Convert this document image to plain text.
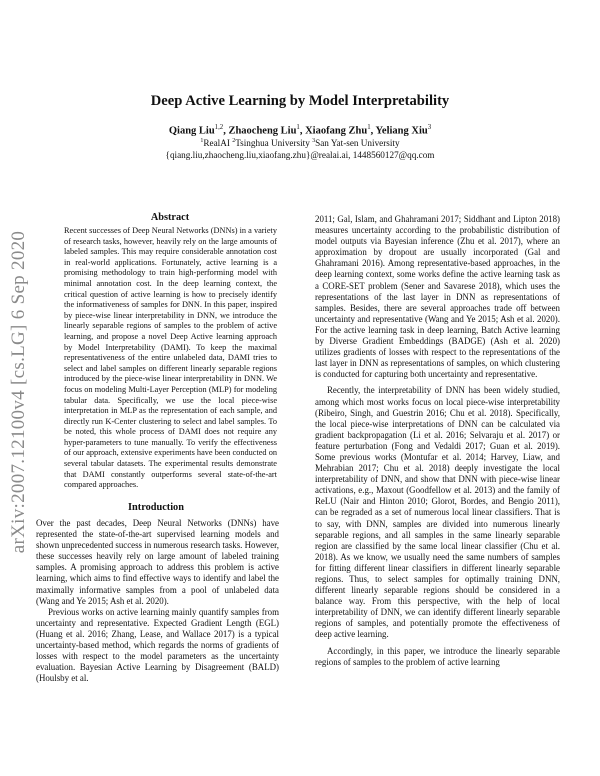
arXiv:2007.12100v4 [cs.LG] 6 Sep 2020
Deep Active Learning by Model Interpretability
Qiang Liu$^{1,2}$, Zhaocheng Liu$^1$, Xiaofang Zhu$^1$, Yeliang Xiu$^3$
$^1$RealAI $^2$Tsinghua University $^3$San Yat-sen University
{qiang.liu,zhaocheng.liu,xiaofang.zhu}@realai.ai, 1448560127@qq.com
Abstract

Recent successes of Deep Neural Networks (DNNs) in a variety of research tasks, however, heavily rely on the large amounts of labeled samples. This may require considerable annotation cost in real-world applications. Fortunately, active learning is a promising methodology to train high-performing model with minimal annotation cost. In the deep learning context, the critical question of active learning is how to precisely identify the informativeness of samples for DNN. In this paper, inspired by piece-wise linear interpretability in DNN, we introduce the linearly separable regions of samples to the problem of active learning, and propose a novel Deep Active learning approach by Model Interpretability (DAMI). To keep the maximal representativeness of the entire unlabeled data, DAMI tries to select and label samples on different linearly separable regions introduced by the piece-wise linear interpretability in DNN. We focus on modeling Multi-Layer Perception (MLP) for modeling tabular data. Specifically, we use the local piece-wise interpretation in MLP as the representation of each sample, and directly run K-Center clustering to select and label samples. To be noted, this whole process of DAMI does not require any hyper-parameters to tune manually. To verify the effectiveness of our approach, extensive experiments have been conducted on several tabular datasets. The experimental results demonstrate that DAMI constantly outperforms several state-of-the-art compared approaches.

Introduction

Over the past decades, Deep Neural Networks (DNNs) have represented the state-of-the-art supervised learning models and shown unprecedented success in numerous research tasks. However, these successes heavily rely on large amount of labeled training samples. A promising approach to address this problem is active learning, which aims to find effective ways to identify and label the maximally informative samples from a pool of unlabeled data (Wang and Ye 2015; Ash et al. 2020).

Previous works on active learning mainly quantify samples from uncertainty and representative. Expected Gradient Length (EGL) (Huang et al. 2016; Zhang, Lease, and Wallace 2017) is a typical uncertainty-based method, which regards the norms of gradients of losses with respect to the model parameters as the uncertainty evaluation. Bayesian Active Learning by Disagreement (BALD) (Houlsby et al.

2011; Gal, Islam, and Ghahramani 2017; Siddhant and Lipton 2018) measures uncertainty according to the probabilistic distribution of model outputs via Bayesian inference (Zhu et al. 2017), where an approximation by dropout are usually incorporated (Gal and Ghahramani 2016). Among representative-based approaches, in the deep learning context, some works define the active learning task as a CORE-SET problem (Sener and Savarese 2018), which uses the representations of the last layer in DNN as representations of samples. Besides, there are several approaches trade off between uncertainty and representative (Wang and Ye 2015; Ash et al. 2020). For the active learning task in deep learning, Batch Active learning by Diverse Gradient Embeddings (BADGE) (Ash et al. 2020) utilizes gradients of losses with respect to the representations of the last layer in DNN as representations of samples, on which clustering is conducted for capturing both uncertainty and representative.

Recently, the interpretability of DNN has been widely studied, among which most works focus on local piece-wise interpretability (Ribeiro, Singh, and Guestrin 2016; Chu et al. 2018). Specifically, the local piece-wise interpretations of DNN can be calculated via gradient backpropagation (Li et al. 2016; Selvaraju et al. 2017) or feature perturbation (Fong and Vedaldi 2017; Guan et al. 2019). Some previous works (Montufar et al. 2014; Harvey, Liaw, and Mehrabian 2017; Chu et al. 2018) deeply investigate the local interpretability of DNN, and show that DNN with piece-wise linear activations, e.g., Maxout (Goodfellow et al. 2013) and the family of ReLU (Nair and Hinton 2010; Glorot, Bordes, and Bengio 2011), can be regraded as a set of numerous local linear classifiers. That is to say, with DNN, samples are divided into numerous linearly separable regions, and all samples in the same linearly separable region are classified by the same local linear classifier (Chu et al. 2018). As we know, we usually need the same numbers of samples for fitting different linear classifiers in different linearly separable regions. Thus, to select samples for optimally training DNN, different linearly separable regions should be considered in a balance way. From this perspective, with the help of local interpretability of DNN, we can identify different linearly separable regions of samples, and potentially promote the effectiveness of deep active learning.

Accordingly, in this paper, we introduce the linearly separable regions of samples to the problem of active learning
